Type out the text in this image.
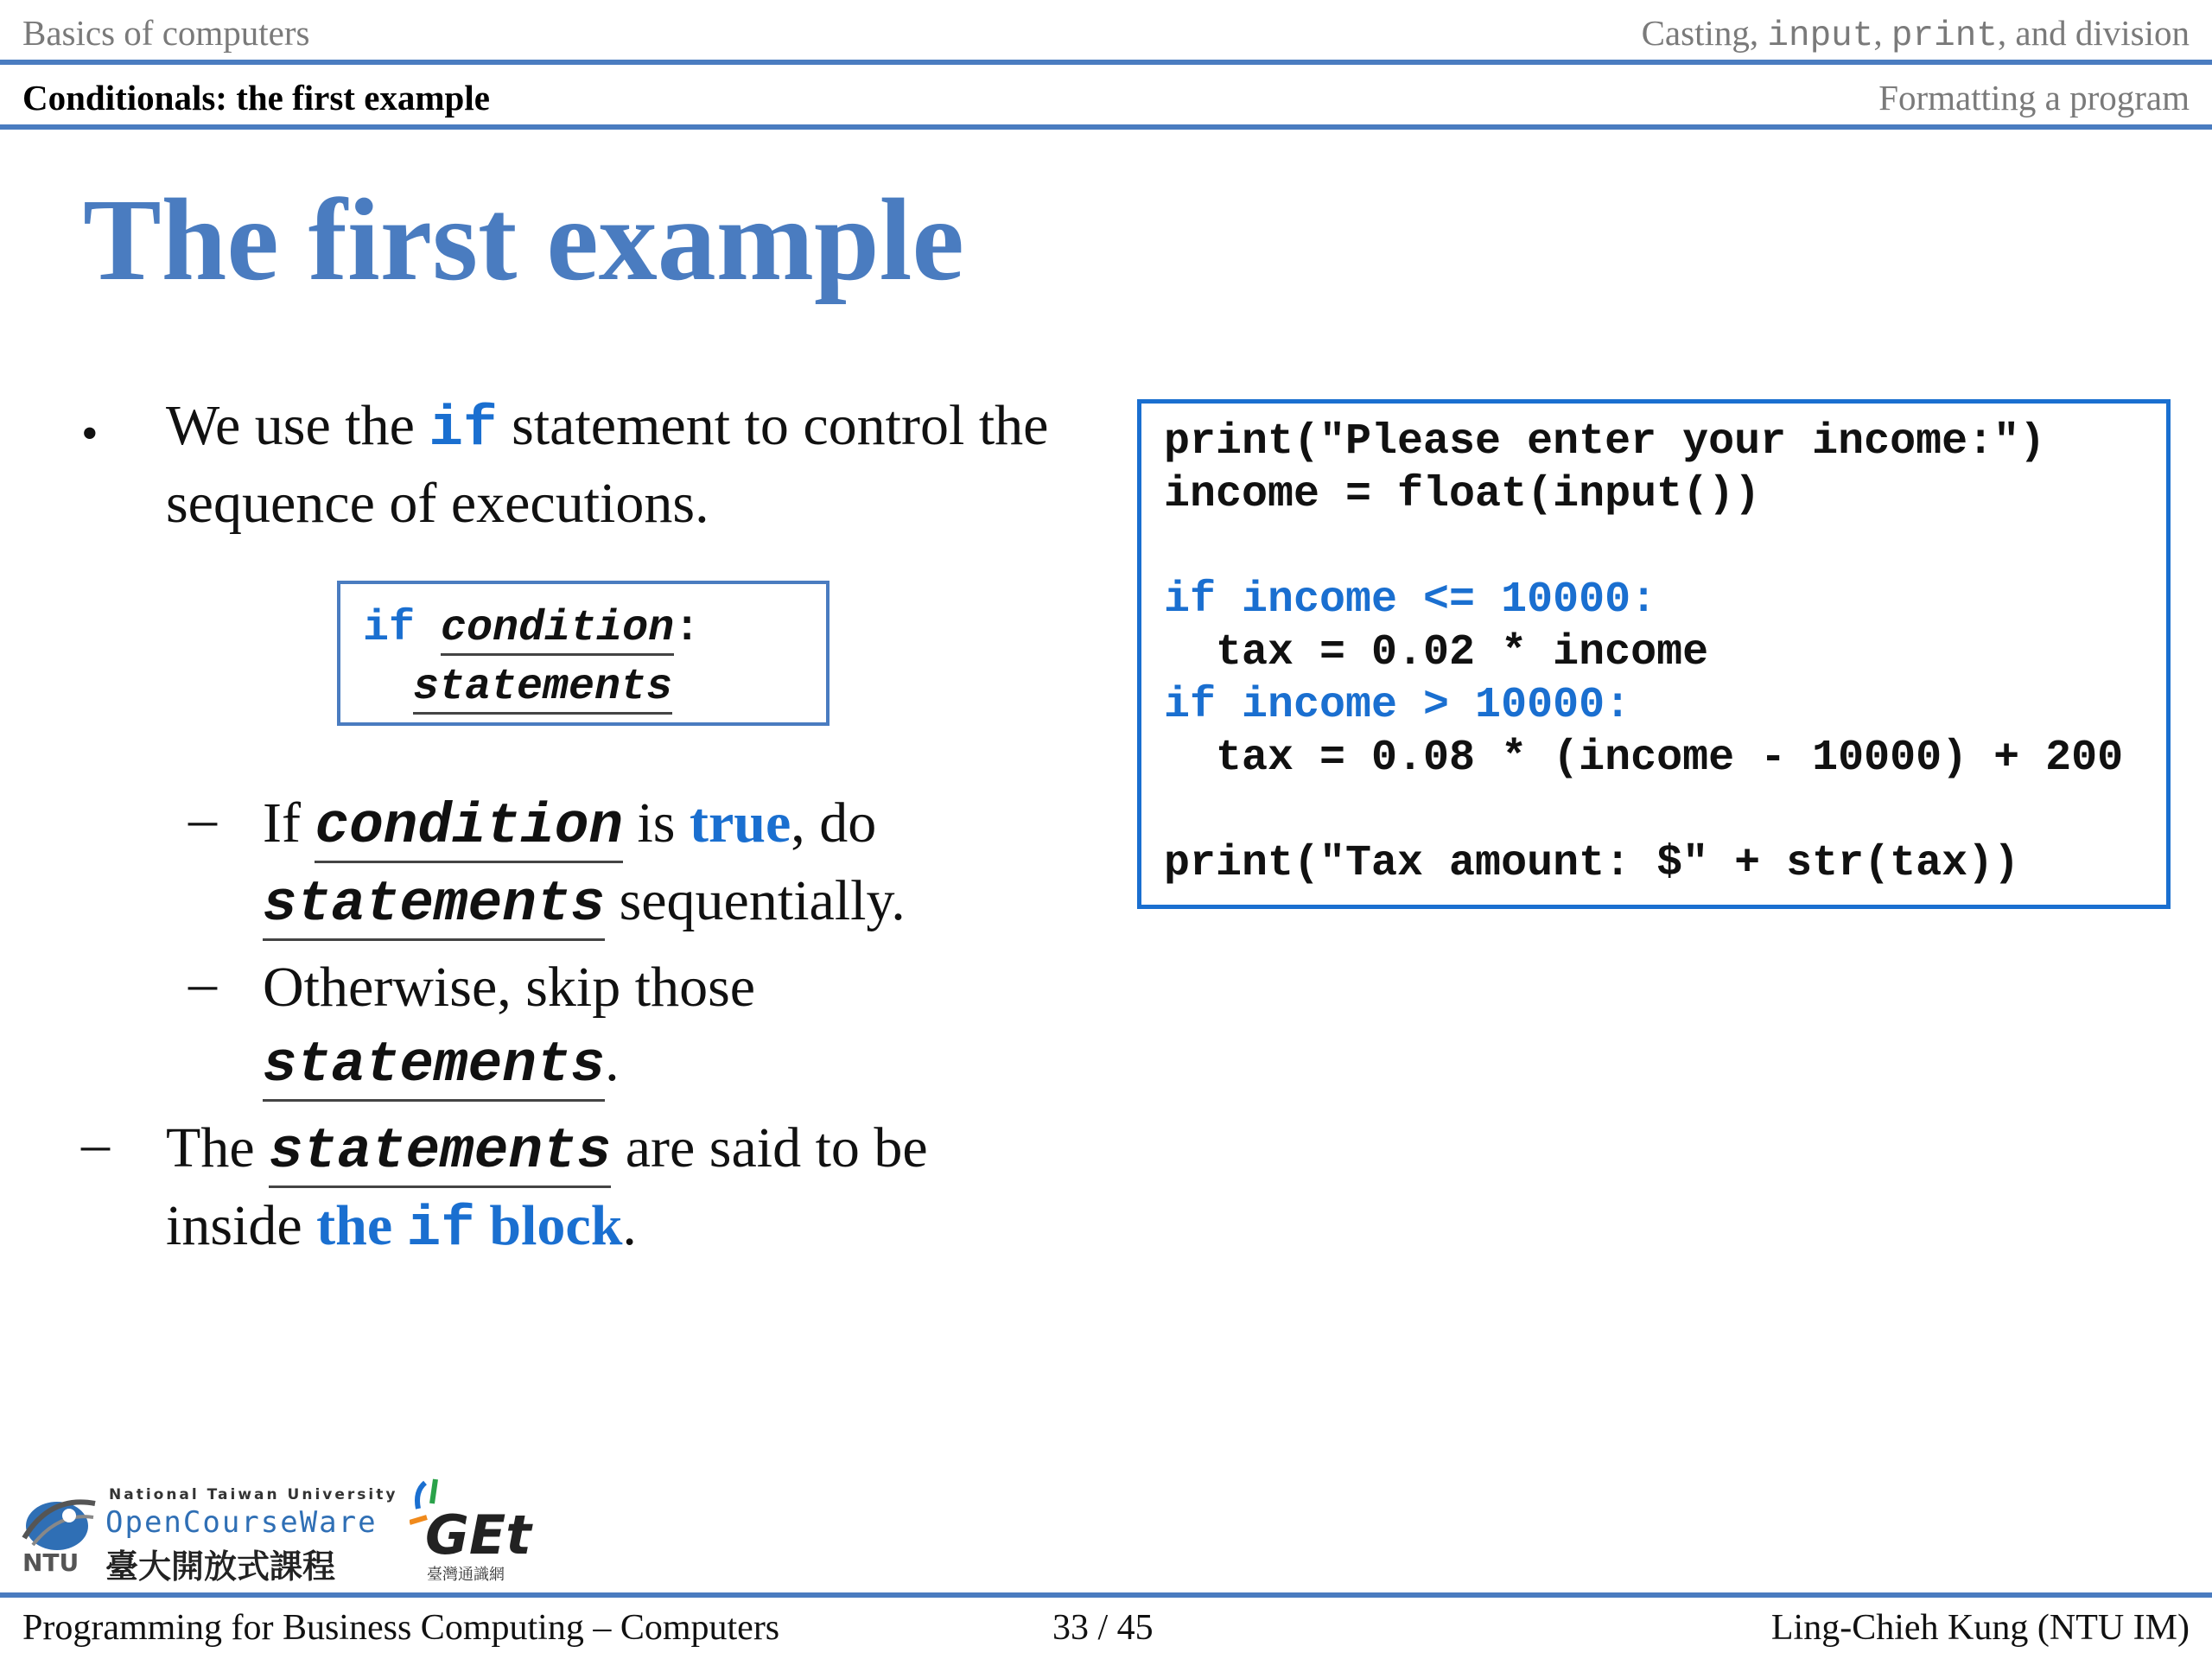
Basics of computers	Casting, input, print, and division
Conditionals: the first example	Formatting a program
The first example
• We use the if statement to control the sequence of executions.
if condition:
statements
– If condition is true, do
statements sequentially.
– Otherwise, skip those
statements.
– The statements are said to be
inside the if block.
print("Please enter your income:")
income = float(input())
if income <= 10000:
tax = 0.02 * income
if income > 10000:
tax = 0.08 * (income - 10000) + 200
print("Tax amount: $" + str(tax))
NTU
National Taiwan University
OpenCourseWare
臺大開放式課程 GEt
臺灣通識網
Programming for Business Computing – Computers	33 / 45	Ling-Chieh Kung (NTU IM)
